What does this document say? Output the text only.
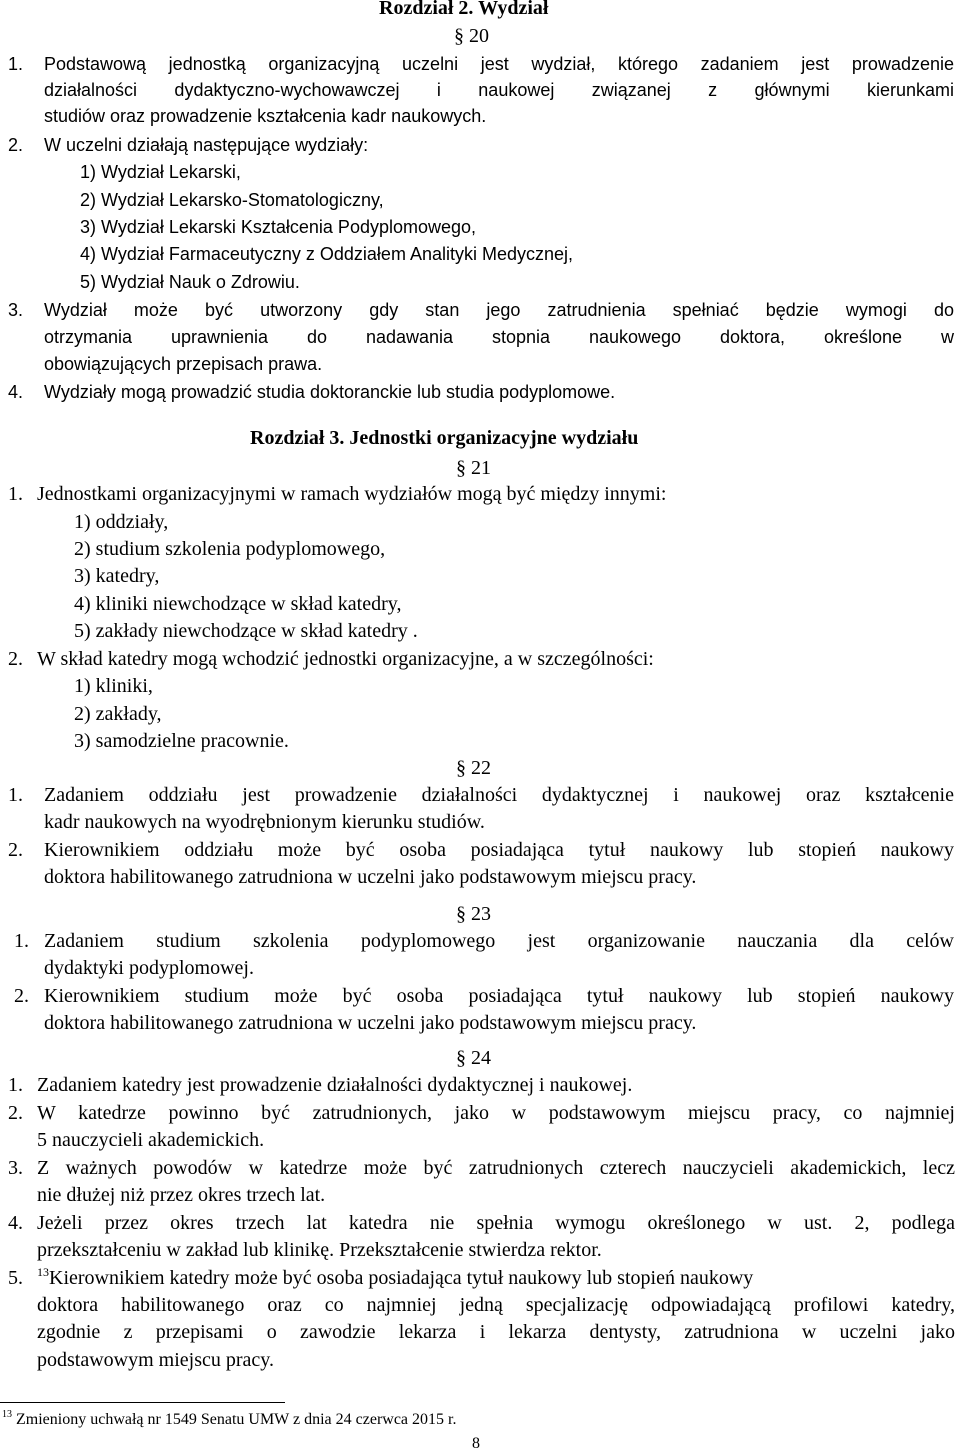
Rozdział 2. Wydział
§ 20
1. Podstawową jednostką organizacyjną uczelni jest wydział, którego zadaniem jest prowadzenie
działalności dydaktyczno-wychowawczej i naukowej związanej z głównymi kierunkami
studiów oraz prowadzenie kształcenia kadr naukowych.
2. W uczelni działają następujące wydziały:
1) Wydział Lekarski,
2) Wydział Lekarsko-Stomatologiczny,
3) Wydział Lekarski Kształcenia Podyplomowego,
4) Wydział Farmaceutyczny z Oddziałem Analityki Medycznej,
5) Wydział Nauk o Zdrowiu.
3. Wydział może być utworzony gdy stan jego zatrudnienia spełniać będzie wymogi do
otrzymania uprawnienia do nadawania stopnia naukowego doktora, określone w
obowiązujących przepisach prawa.
4. Wydziały mogą prowadzić studia doktoranckie lub studia podyplomowe.
Rozdział 3. Jednostki organizacyjne wydziału
§ 21
1. Jednostkami organizacyjnymi w ramach wydziałów mogą być między innymi:
1) oddziały,
2) studium szkolenia podyplomowego,
3) katedry,
4) kliniki niewchodzące w skład katedry,
5) zakłady niewchodzące w skład katedry .
2. W skład katedry mogą wchodzić jednostki organizacyjne, a w szczególności:
1) kliniki,
2) zakłady,
3) samodzielne pracownie.
§ 22
1. Zadaniem oddziału jest prowadzenie działalności dydaktycznej i naukowej oraz kształcenie
kadr naukowych na wyodrębnionym kierunku studiów.
2. Kierownikiem oddziału może być osoba posiadająca tytuł naukowy lub stopień naukowy
doktora habilitowanego zatrudniona w uczelni jako podstawowym miejscu pracy.
§ 23
1. Zadaniem studium szkolenia podyplomowego jest organizowanie nauczania dla celów
dydaktyki podyplomowej.
2. Kierownikiem studium może być osoba posiadająca tytuł naukowy lub stopień naukowy
doktora habilitowanego zatrudniona w uczelni jako podstawowym miejscu pracy.
§ 24
1. Zadaniem katedry jest prowadzenie działalności dydaktycznej i naukowej.
2. W katedrze powinno być zatrudnionych, jako w podstawowym miejscu pracy, co najmniej
5 nauczycieli akademickich.
3. Z ważnych powodów w katedrze może być zatrudnionych czterech nauczycieli akademickich, lecz
nie dłużej niż przez okres trzech lat.
4. Jeżeli przez okres trzech lat katedra nie spełnia wymogu określonego w ust. 2, podlega
przekształceniu w zakład lub klinikę. Przekształcenie stwierdza rektor.
5. $^{13}$Kierownikiem katedry może być osoba posiadająca tytuł naukowy lub stopień naukowy
doktora habilitowanego oraz co najmniej jedną specjalizację odpowiadającą profilowi katedry,
zgodnie z przepisami o zawodzie lekarza i lekarza dentysty, zatrudniona w uczelni jako
podstawowym miejscu pracy.
$^{13}$ Zmieniony uchwałą nr 1549 Senatu UMW z dnia 24 czerwca 2015 r.
8
